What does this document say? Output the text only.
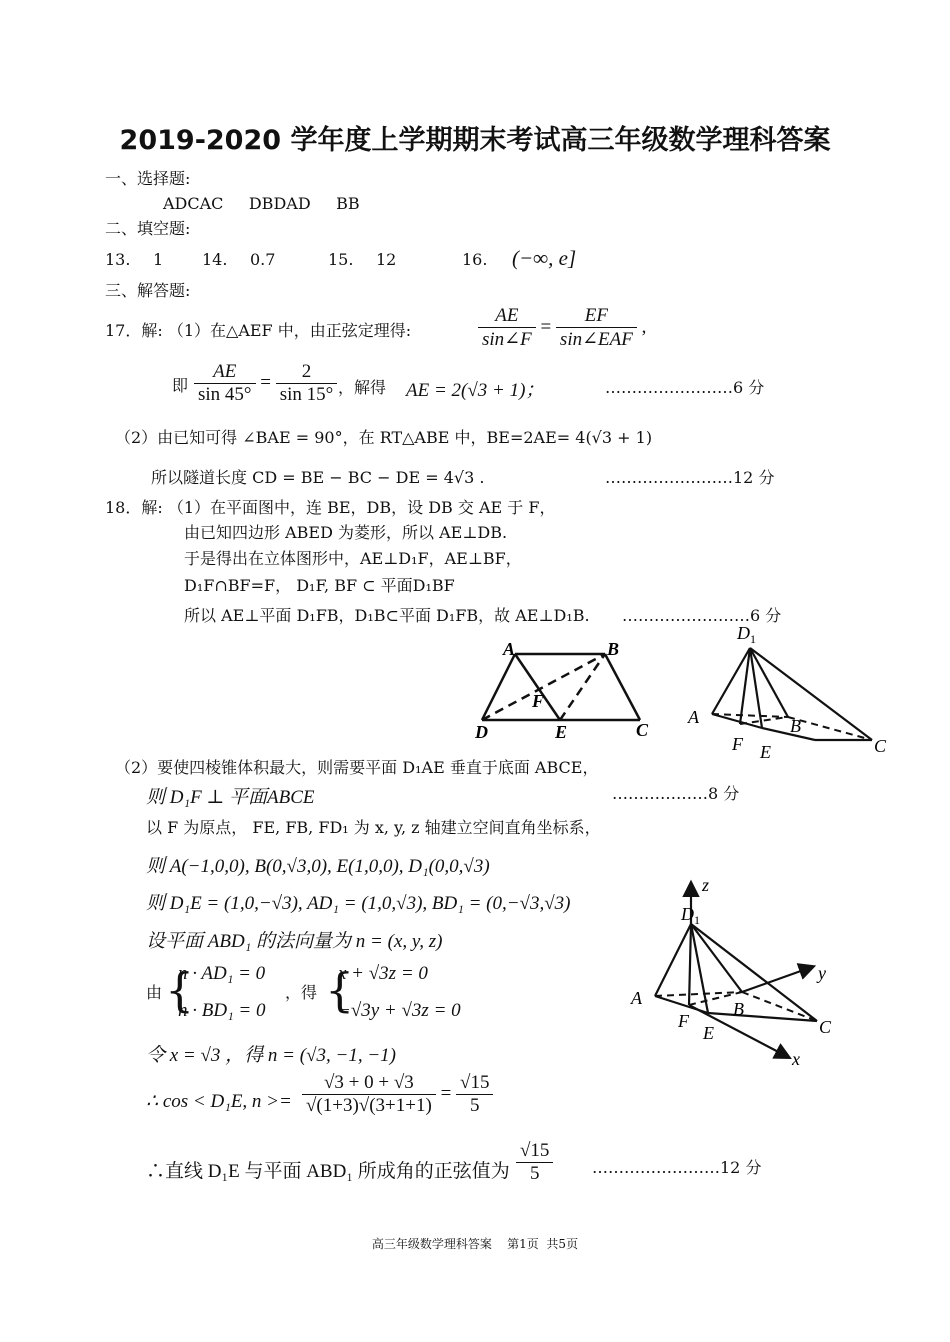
2019-2020 学年度上学期期末考试高三年级数学理科答案
一、选择题:
ADCAC     DBDAD     BB
二、填空题:
13. 1 14. 0.7	15. 12	16. (−∞, e]
三、解答题:
17．解: （1）在△AEF 中，由正弦定理得:	$\frac{AE}{\sin\angle F} = \frac{EF}{\text{sin∠EAF}}$ ,
即 $\frac{AE}{\sin 45^\circ} = \frac{2}{\sin 15^\circ}$ ，解得 AE = 2(√3 + 1)；	……………………6 分
（2）由已知可得 ∠BAE = 90°，在 RT△ABE 中，BE=2AE= 4(√3 + 1)
所以隧道长度 CD = BE − BC − DE = 4√3 .	……………………12 分
18．解: （1）在平面图中，连 BE，DB，设 DB 交 AE 于 F，
由已知四边形 ABED 为菱形，所以 AE⊥DB.
于是得出在立体图形中，AE⊥D₁F，AE⊥BF，
D₁F∩BF=F， D₁F, BF ⊂ 平面D₁BF
所以 AE⊥平面 D₁FB，D₁B⊂平面 D₁FB，故 AE⊥D₁B. ……………………6 分
A	B
F
D	E	C
$D_1$
A	B
F E	C
（2）要使四棱锥体积最大，则需要平面 D₁AE 垂直于底面 ABCE，
则 D₁F ⊥ 平面ABCE	………………8 分
以 F 为原点， FE, FB, FD₁ 为 x, y, z 轴建立空间直角坐标系，
则 A(−1,0,0), B(0,√3,0), E(1,0,0), D₁(0,0,√3)
则 D₁E = (1,0,−√3), AD₁ = (1,0,√3), BD₁ = (0,−√3,√3)
设平面 ABD₁ 的法向量为 n = (x, y, z)
由 {
n · AD₁ = 0
n · BD₁ = 0
，得 {
x + √3z = 0
−√3y + √3z = 0
令 x = √3 ，得 n = (√3, −1, −1)
∴ cos < D₁E, $n >= \frac{√3 + 0 + √3}{√(1+3)√(3+1+1)} = \frac{√15}{5}$
∴直线 D₁E 与平面 ABD₁ 所成角的正弦值为 $\frac{√15}{5}$ ……………………12 分
z
$D_1$
y
A
B
F
E	C
x
高三年级数学理科答案    第1页  共5页
